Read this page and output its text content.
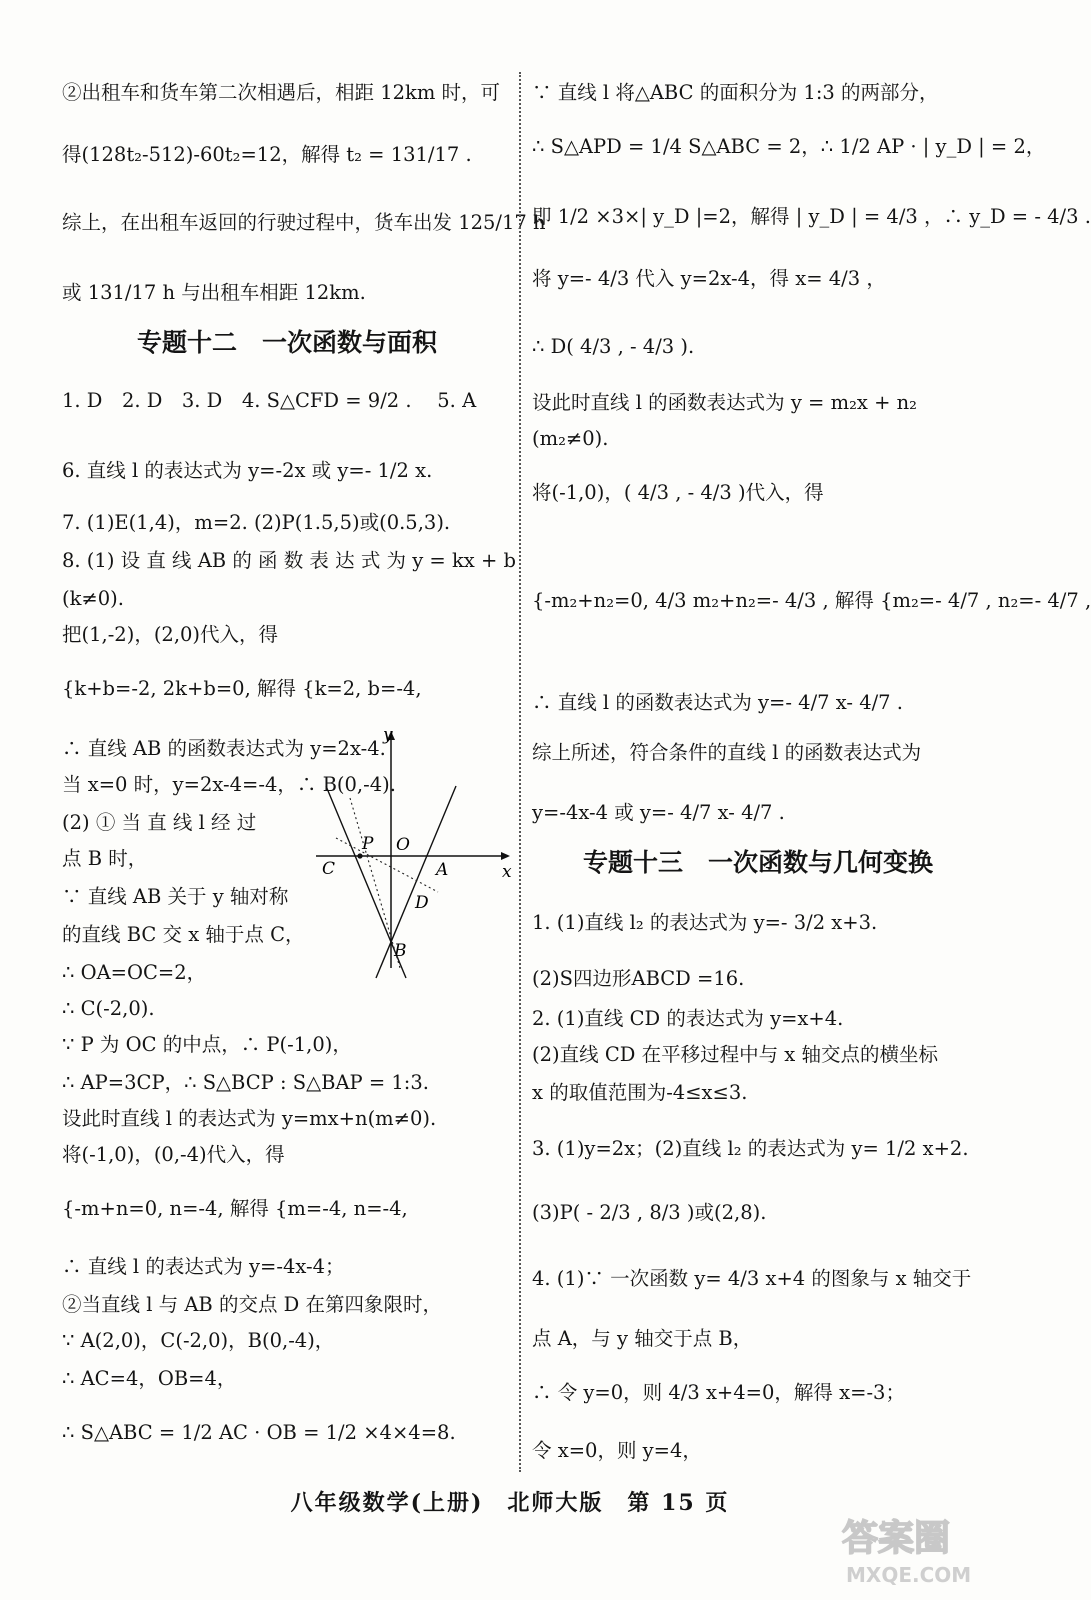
②出租车和货车第二次相遇后，相距 12km 时，可
得(128t₂-512)-60t₂=12，解得 t₂ = 131/17 .
综上，在出租车返回的行驶过程中，货车出发 125/17 h
或 131/17 h 与出租车相距 12km.
专题十二　一次函数与面积
1. D　2. D　3. D　4. S△CFD = 9/2 .　 5. A
6. 直线 l 的表达式为 y=-2x 或 y=- 1/2 x.
7. (1)E(1,4)，m=2. (2)P(1.5,5)或(0.5,3).
8. (1) 设 直 线 AB 的 函 数 表 达 式 为 y = kx + b
(k≠0).
把(1,-2)，(2,0)代入，得
{k+b=-2, 2k+b=0, 解得 {k=2, b=-4,
∴ 直线 AB 的函数表达式为 y=2x-4.
当 x=0 时，y=2x-4=-4，∴ B(0,-4).
(2) ① 当 直 线 l 经 过
点 B 时，
∵ 直线 AB 关于 y 轴对称
的直线 BC 交 x 轴于点 C，
∴ OA=OC=2，
∴ C(-2,0).
∵ P 为 OC 的中点，∴ P(-1,0)，
∴ AP=3CP，∴ S△BCP : S△BAP = 1:3.
设此时直线 l 的表达式为 y=mx+n(m≠0).
将(-1,0)，(0,-4)代入，得
{-m+n=0, n=-4, 解得 {m=-4, n=-4,
∴ 直线 l 的表达式为 y=-4x-4；
②当直线 l 与 AB 的交点 D 在第四象限时，
∵ A(2,0)，C(-2,0)，B(0,-4)，
∴ AC=4，OB=4，
∴ S△ABC = 1/2 AC · OB = 1/2 ×4×4=8.
∵ 直线 l 将△ABC 的面积分为 1:3 的两部分，
∴ S△APD = 1/4 S△ABC = 2，∴ 1/2 AP · | y_D | = 2，
即 1/2 ×3×| y_D |=2，解得 | y_D | = 4/3 ，∴ y_D = - 4/3 .
将 y=- 4/3 代入 y=2x-4，得 x= 4/3 ，
∴ D( 4/3 , - 4/3 ).
设此时直线 l 的函数表达式为 y = m₂x + n₂
(m₂≠0).
将(-1,0)，( 4/3 , - 4/3 )代入，得
{-m₂+n₂=0, 4/3 m₂+n₂=- 4/3 , 解得 {m₂=- 4/7 , n₂=- 4/7 ,
∴ 直线 l 的函数表达式为 y=- 4/7 x- 4/7 .
综上所述，符合条件的直线 l 的函数表达式为
y=-4x-4 或 y=- 4/7 x- 4/7 .
专题十三　一次函数与几何变换
1. (1)直线 l₂ 的表达式为 y=- 3/2 x+3.
(2)S四边形ABCD =16.
2. (1)直线 CD 的表达式为 y=x+4.
(2)直线 CD 在平移过程中与 x 轴交点的横坐标
x 的取值范围为-4≤x≤3.
3. (1)y=2x；(2)直线 l₂ 的表达式为 y= 1/2 x+2.
(3)P( - 2/3 , 8/3 )或(2,8).
4. (1)∵ 一次函数 y= 4/3 x+4 的图象与 x 轴交于
点 A，与 y 轴交于点 B，
∴ 令 y=0，则 4/3 x+4=0，解得 x=-3；
令 x=0，则 y=4，
y
x
P O
C	A
D
B
八年级数学(上册)　北师大版　第 15 页
答案圈
MXQE.COM
